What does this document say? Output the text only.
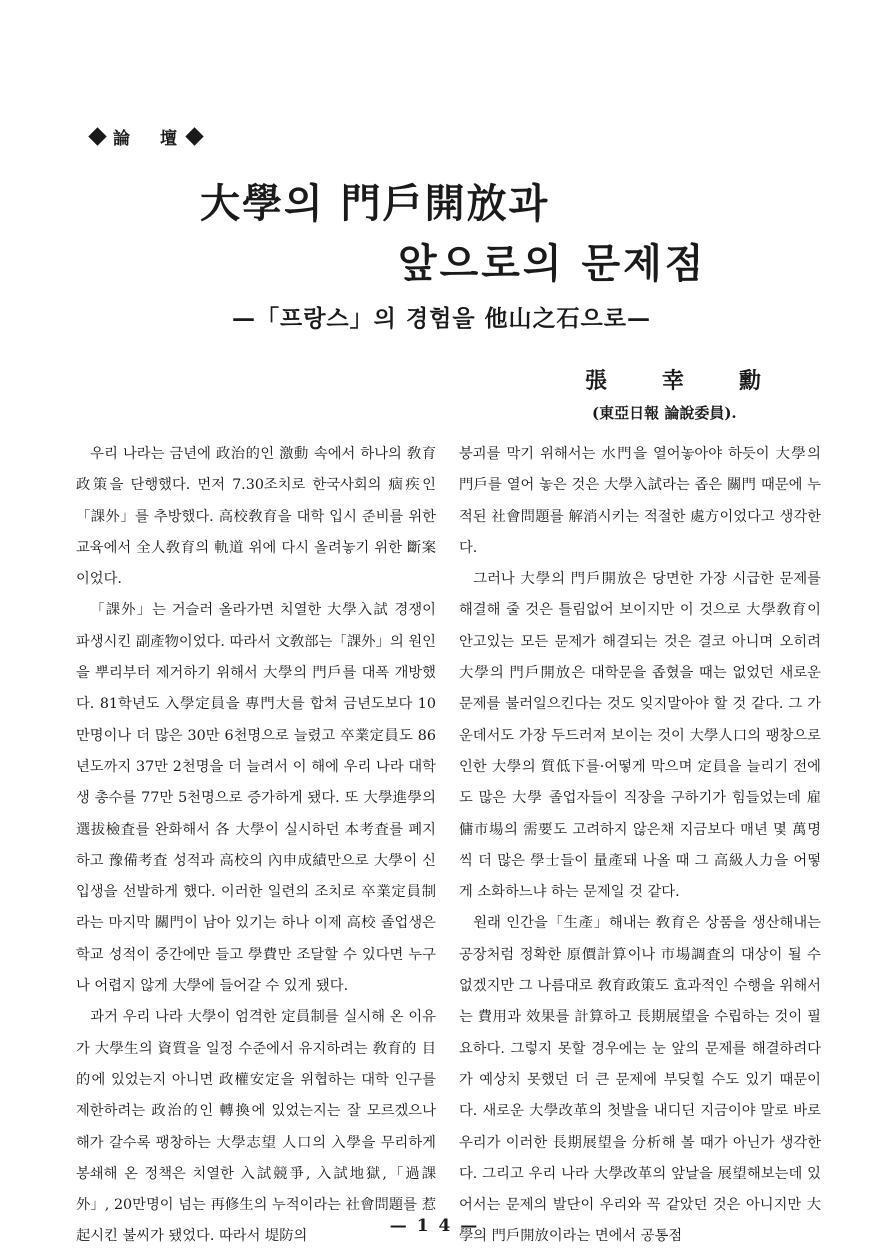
論 壇
大學의 門戶開放과
앞으로의 문제점
—「프랑스」의 경험을 他山之石으로—
張 幸 勳
(東亞日報 論說委員).

우리 나라는 금년에 政治的인 激動 속에서 하나의 敎育政策을 단행했다. 먼저 7.30조치로 한국사회의 痼疾인 「課外」를 추방했다. 高校敎育을 대학 입시 준비를 위한 교육에서 全人敎育의 軌道 위에 다시 올려놓기 위한 斷案이었다.

「課外」는 거슬러 올라가면 치열한 大學入試 경쟁이 파생시킨 副產物이었다. 따라서 文敎部는「課外」의 원인을 뿌리부터 제거하기 위해서 大學의 門戶를 대폭 개방했다. 81학년도 入學定員을 專門大를 합쳐 금년도보다 10만명이나 더 많은 30만 6천명으로 늘렸고 卒業定員도 86년도까지 37만 2천명을 더 늘려서 이 해에 우리 나라 대학생 총수를 77만 5천명으로 증가하게 됐다. 또 大學進學의 選拔檢査를 완화해서 各 大學이 실시하던 本考査를 폐지하고 豫備考査 성적과 高校의 內申成績만으로 大學이 신입생을 선발하게 했다. 이러한 일련의 조치로 卒業定員制라는 마지막 關門이 남아 있기는 하나 이제 高校 졸업생은 학교 성적이 중간에만 들고 學費만 조달할 수 있다면 누구나 어렵지 않게 大學에 들어갈 수 있게 됐다.

과거 우리 나라 大學이 엄격한 定員制를 실시해 온 이유가 大學生의 資質을 일정 수준에서 유지하려는 敎育的 目的에 있었는지 아니면 政權安定을 위협하는 대학 인구를 제한하려는 政治的인 轉換에 있었는지는 잘 모르겠으나 해가 갈수록 팽창하는 大學志望 人口의 入學을 무리하게 봉쇄해 온 정책은 치열한 入試競爭, 入試地獄,「過課外」, 20만명이 넘는 再修生의 누적이라는 社會問題를 惹起시킨 불씨가 됐었다. 따라서 堤防의

붕괴를 막기 위해서는 水門을 열어놓아야 하듯이 大學의 門戶를 열어 놓은 것은 大學入試라는 좁은 關門 때문에 누적된 社會問題를 解消시키는 적절한 處方이었다고 생각한다.

그러나 大學의 門戶開放은 당면한 가장 시급한 문제를 해결해 줄 것은 틀림없어 보이지만 이 것으로 大學敎育이 안고있는 모든 문제가 해결되는 것은 결코 아니며 오히려 大學의 門戶開放은 대학문을 좁혔을 때는 없었던 새로운 문제를 불러일으킨다는 것도 잊지말아야 할 것 같다. 그 가운데서도 가장 두드러져 보이는 것이 大學人口의 팽창으로 인한 大學의 質低下를·어떻게 막으며 定員을 늘리기 전에도 많은 大學 졸업자들이 직장을 구하기가 힘들었는데 雇傭市場의 需要도 고려하지 않은채 지금보다 매년 몇 萬명씩 더 많은 學士들이 量產돼 나올 때 그 高級人力을 어떻게 소화하느냐 하는 문제일 것 같다.

원래 인간을「生產」해내는 敎育은 상품을 생산해내는 공장처럼 정확한 原價計算이나 市場調査의 대상이 될 수 없겠지만 그 나름대로 敎育政策도 효과적인 수행을 위해서는 費用과 效果를 計算하고 長期展望을 수립하는 것이 필요하다. 그렇지 못할 경우에는 눈 앞의 문제를 해결하려다가 예상치 못했던 더 큰 문제에 부딪힐 수도 있기 때문이다. 새로운 大學改革의 첫발을 내디딘 지금이야 말로 바로 우리가 이러한 長期展望을 分析해 볼 때가 아닌가 생각한다. 그리고 우리 나라 大學改革의 앞날을 展望해보는데 있어서는 문제의 발단이 우리와 꼭 같았던 것은 아니지만 大學의 門戶開放이라는 면에서 공통점

— 1 4 —
